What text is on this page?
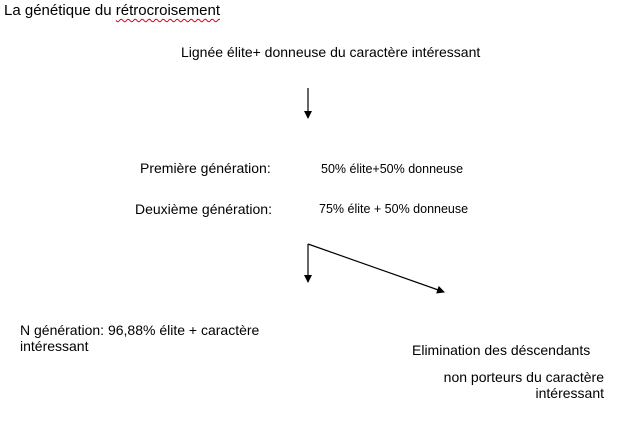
La génétique du rétrocroisement
Lignée élite+ donneuse du caractère intéressant
Première génération:	50% élite+50% donneuse
Deuxième génération:	75% élite + 50% donneuse
N génération: 96,88% élite + caractère intéressant	Elimination des déscendants
non porteurs du caractère intéressant
